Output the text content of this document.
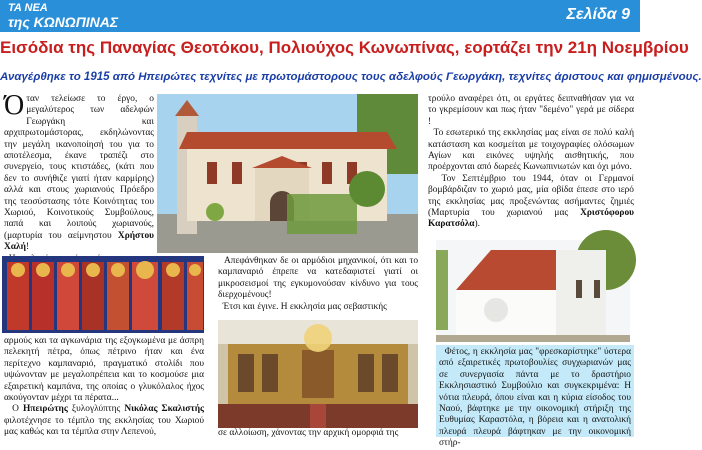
ΤΑ ΝΕΑ
της ΚΩΝΩΠΙΝΑΣ	Σελίδα 9
Εισόδια της Παναγίας Θεοτόκου, Πολιούχος Κωνωπίνας, εορτάζει την 21η Νοεμβρίου
Αναγέρθηκε το 1915 από Ηπειρώτες τεχνίτες με πρωτομάστορους τους αδελφούς Γεωργάκη, τεχνίτες άριστους και φημισμένους.

Όταν τελείωσε το έργο, ο μεγαλύτερος των αδελφών Γεωργάκη και αρχιπρωτομάστορας, εκδηλώνοντας την μεγάλη ικανοποίησή του για το αποτέλεσμα, έκανε τραπέζι στο συνεργείο, τους κτιστάδες, (κάτι που δεν το συνήθιζε γιατί ήταν καρμίρης) αλλά και στους χωριανούς Πρόεδρο της τεοσύστασης τότε Κοινότητας του Χωριού, Κοινοτικούς Συμβούλους, παπά και λοιπούς χωριανούς, (μαρτυρία του αείμνηστου Χρήστου Χαλή!

αρμούς και τα αγκωνάρια της εξογκωμένα με άσπρη πελεκητή πέτρα, όπως πέτρινο ήταν και ένα περίτεχνο καμπαναριό, πραγματικό στολίδι που υψώνονταν με μεγαλοπρέπεια και το κοσμούσε μια εξαιρετική καμπάνα, της οποίας ο γλυκόλαλος ήχος ακούγονταν μέχρι τα πέρατα...

Ο Ηπειρώτης ξυλογλύπτης Νικόλας Σκαλιστής φιλοτέχνησε το τέμπλο της εκκλησίας του Χωριού μας καθώς και τα τέμπλα στην Λεπενού,

Απεφάνθηκαν δε οι αρμόδιοι μηχανικοί, ότι και το καμπαναριό έπρεπε να κατεδαφιστεί γιατί οι μικροσεισμοί της εγκυμονούσαν κίνδυνο για τους διερχομένους!

Έτσι και έγινε. Η εκκλησία μας σεβαστικής

σε αλλοίωση, χάνοντας την αρχική ομορφιά της

τρούλο αναφέρει ότι, οι εργάτες δειπναθήσαν για να το γκρεμίσουν και πως ήταν "δεμένο" γερά με σίδερα !

Το εσωτερικό της εκκλησίας μας είναι σε πολύ καλή κατάσταση και κοσμείται με τοιχογραφίες ολόσωμων Αγίων και εικόνες υψηλής αισθητικής, που προέρχονται από δωρεές Κωνωπινιωτών και όχι μόνο.

Τον Σεπτέμβριο του 1944, όταν οι Γερμανοί βομβάρδιζαν το χωριό μας, μία οβίδα έπεσε στο ιερό της εκκλησίας μας προξενώντας ασήμαντες ζημιές (Μαρτυρία του χωριανού μας Χριστόφορου Καρατσόλα).

Φέτος, η εκκλησία μας "φρεσκαρίστηκε" ύστερα από εξαιρετικές πρωτοβουλίες συγχωριανών μας σε συνεργασία πάντα με το δραστήριο Εκκλησιαστικό Συμβούλιο και συγκεκριμένα: Η νότια πλευρά, όπου είναι και η κύρια είσοδος του Ναού, βάφτηκε με την οικονομική στήριξη της Ευθυμίας Καραστόλα, η βόρεια και η ανατολική πλευρά πλευρά βάφτηκαν με την οικονομική στήρ-
